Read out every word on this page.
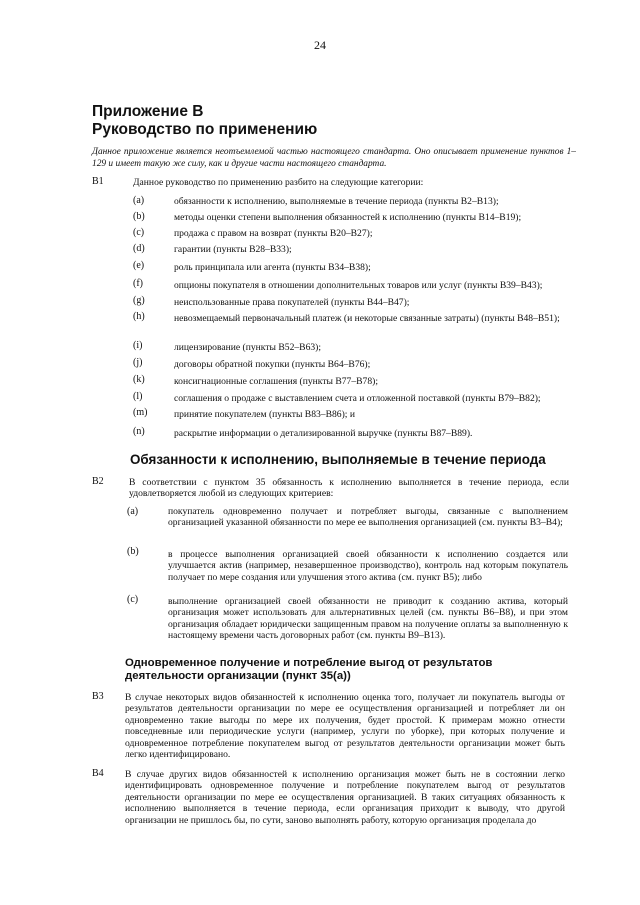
24
Приложение В
Руководство по применению
Данное приложение является неотъемлемой частью настоящего стандарта. Оно описывает применение пунктов 1–129 и имеет такую же силу, как и другие части настоящего стандарта.
В1	Данное руководство по применению разбито на следующие категории:
(a)	обязанности к исполнению, выполняемые в течение периода (пункты В2–В13);
(b)	методы оценки степени выполнения обязанностей к исполнению (пункты В14–В19);
(c)	продажа с правом на возврат (пункты В20–В27);
(d)	гарантии (пункты В28–В33);
(e)	роль принципала или агента (пункты В34–В38);
(f)	опционы покупателя в отношении дополнительных товаров или услуг (пункты В39–В43);
(g)	неиспользованные права покупателей (пункты В44–В47);
(h)	невозмещаемый первоначальный платеж (и некоторые связанные затраты) (пункты В48–В51);
(i)	лицензирование (пункты В52–В63);
(j)	договоры обратной покупки (пункты В64–В76);
(k)	консигнационные соглашения (пункты В77–В78);
(l)	соглашения о продаже с выставлением счета и отложенной поставкой (пункты В79–В82);
(m)	принятие покупателем (пункты В83–В86); и
(n)	раскрытие информации о детализированной выручке (пункты В87–В89).
Обязанности к исполнению, выполняемые в течение периода
В2	В соответствии с пунктом 35 обязанность к исполнению выполняется в течение периода, если удовлетворяется любой из следующих критериев:
(a)	покупатель одновременно получает и потребляет выгоды, связанные с выполнением организацией указанной обязанности по мере ее выполнения организацией (см. пункты В3–В4);
(b)	в процессе выполнения организацией своей обязанности к исполнению создается или улучшается актив (например, незавершенное производство), контроль над которым покупатель получает по мере создания или улучшения этого актива (см. пункт В5); либо
(c)	выполнение организацией своей обязанности не приводит к созданию актива, который организация может использовать для альтернативных целей (см. пункты В6–В8), и при этом организация обладает юридически защищенным правом на получение оплаты за выполненную к настоящему времени часть договорных работ (см. пункты В9–В13).
Одновременное получение и потребление выгод от результатов деятельности организации (пункт 35(а))
В3 В случае некоторых видов обязанностей к исполнению оценка того, получает ли покупатель выгоды от результатов деятельности организации по мере ее осуществления организацией и потребляет ли он одновременно такие выгоды по мере их получения, будет простой. К примерам можно отнести повседневные или периодические услуги (например, услуги по уборке), при которых получение и одновременное потребление покупателем выгод от результатов деятельности организации может быть легко идентифицировано.
В4 В случае других видов обязанностей к исполнению организация может быть не в состоянии легко идентифицировать одновременное получение и потребление покупателем выгод от результатов деятельности организации по мере ее осуществления организацией. В таких ситуациях обязанность к исполнению выполняется в течение периода, если организация приходит к выводу, что другой организации не пришлось бы, по сути, заново выполнять работу, которую организация проделала до
